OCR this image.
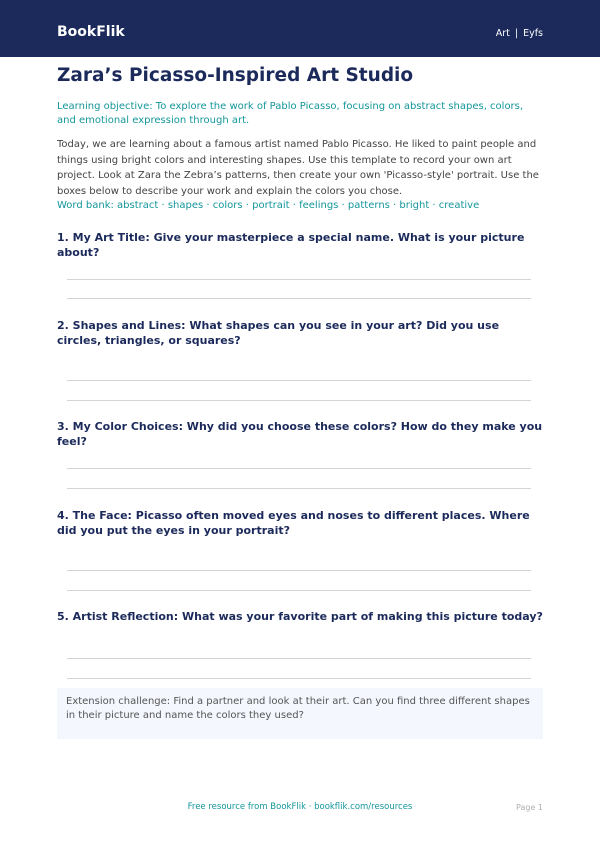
BookFlik	Art | Eyfs
Zara’s Picasso-Inspired Art Studio

Learning objective: To explore the work of Pablo Picasso, focusing on abstract shapes, colors, and emotional expression through art.

Today, we are learning about a famous artist named Pablo Picasso. He liked to paint people and things using bright colors and interesting shapes. Use this template to record your own art project. Look at Zara the Zebra’s patterns, then create your own 'Picasso-style' portrait. Use the boxes below to describe your work and explain the colors you chose.

Word bank: abstract · shapes · colors · portrait · feelings · patterns · bright · creative

1. My Art Title: Give your masterpiece a special name. What is your picture about?

2. Shapes and Lines: What shapes can you see in your art? Did you use circles, triangles, or squares?

3. My Color Choices: Why did you choose these colors? How do they make you feel?

4. The Face: Picasso often moved eyes and noses to different places. Where did you put the eyes in your portrait?

5. Artist Reflection: What was your favorite part of making this picture today?

Extension challenge: Find a partner and look at their art. Can you find three different shapes in their picture and name the colors they used?
Free resource from BookFlik · bookflik.com/resources	Page 1
